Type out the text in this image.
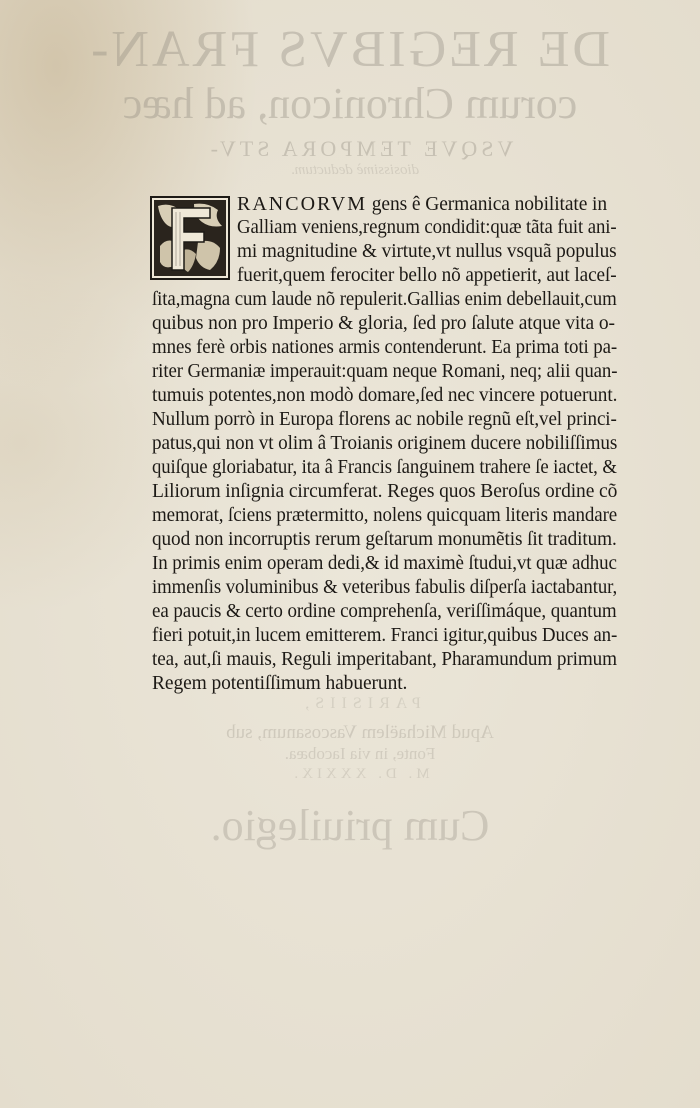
DE REGIBVS FRAN-
corum Chronicon, ad hæc
VSQVE TEMPORA STV-
diosissimè deductum.
PARISIIS,
Apud Michaëlem Vascosanum, sub
Fonte, in via Iacobæa.
M. D. XXXIX.
Cum priuilegio.
RANCORVM gens ê Germanica nobilitate in
Galliam veniens,regnum condidit:quæ tãta fuit ani-
mi magnitudine & virtute,vt nullus vsquã populus
fuerit,quem ferociter bello nõ appetierit, aut laceſ-
ſita,magna cum laude nõ repulerit.Gallias enim debellauit,cum
quibus non pro Imperio & gloria, ſed pro ſalute atque vita o-
mnes ferè orbis nationes armis contenderunt. Ea prima toti pa-
riter Germaniæ imperauit:quam neque Romani, neq; alii quan-
tumuis potentes,non modò domare,ſed nec vincere potuerunt.
Nullum porrò in Europa florens ac nobile regnũ eſt,vel princi-
patus,qui non vt olim â Troianis originem ducere nobiliſſimus
quiſque gloriabatur, ita â Francis ſanguinem trahere ſe iactet, &
Liliorum inſignia circumferat. Reges quos Beroſus ordine cõ
memorat, ſciens prætermitto, nolens quicquam literis mandare
quod non incorruptis rerum geſtarum monumẽtis ſit traditum.
In primis enim operam dedi,& id maximè ſtudui,vt quæ adhuc
immenſis voluminibus & veteribus fabulis diſperſa iactabantur,
ea paucis & certo ordine comprehenſa, veriſſimáque, quantum
fieri potuit,in lucem emitterem. Franci igitur,quibus Duces an-
tea, aut,ſi mauis, Reguli imperitabant, Pharamundum primum
Regem potentiſſimum habuerunt.
